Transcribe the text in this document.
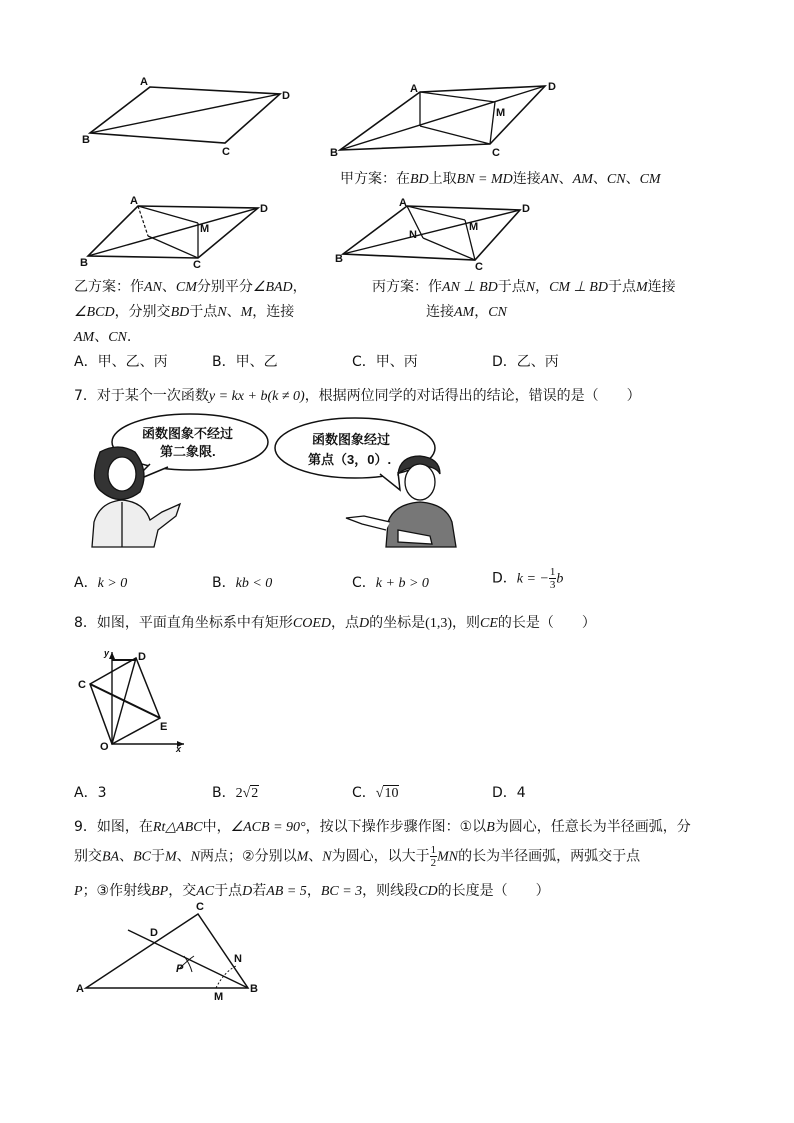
A
D
B
C
A	D
M
B	C
甲方案：在BD上取BN = MD连接AN、AM、CN、CM
A
D
M
B	C
A	D
N
M
B
C
乙方案：作AN、CM分别平分∠BAD，
∠BCD，分别交BD于点N、M，连接
AM、CN.
丙方案：作AN ⊥ BD于点N，CM ⊥ BD于点M连接
连接AM，CN
A．甲、乙、丙	B．甲、乙	C．甲、丙	D．乙、丙
7．对于某个一次函数y = kx + b(k ≠ 0)，根据两位同学的对话得出的结论，错误的是（　　）
函数图象不经过
第二象限.
函数图象经过
第点（3，0）.
A．k > 0	B．kb < 0	C．k + b > 0	D．k = − $\frac{1}{3}$ b
8．如图，平面直角坐标系中有矩形COED，点D的坐标是(1,3)，则CE的长是（　　）
y	D
C
E
O	x
A．3	B．2√2	C．√10	D．4
9．如图，在Rt△ABC中，∠ACB = 90°，按以下操作步骤作图：①以B为圆心，任意长为半径画弧，分
别交BA、BC于M、N两点；②分别以M、N为圆心，以大于 $\frac{1}{2}$ MN的长为半径画弧，两弧交于点
P；③作射线BP，交AC于点D若AB = 5，BC = 3，则线段CD的长度是（　　）
C
D
P
N
A
M
B
